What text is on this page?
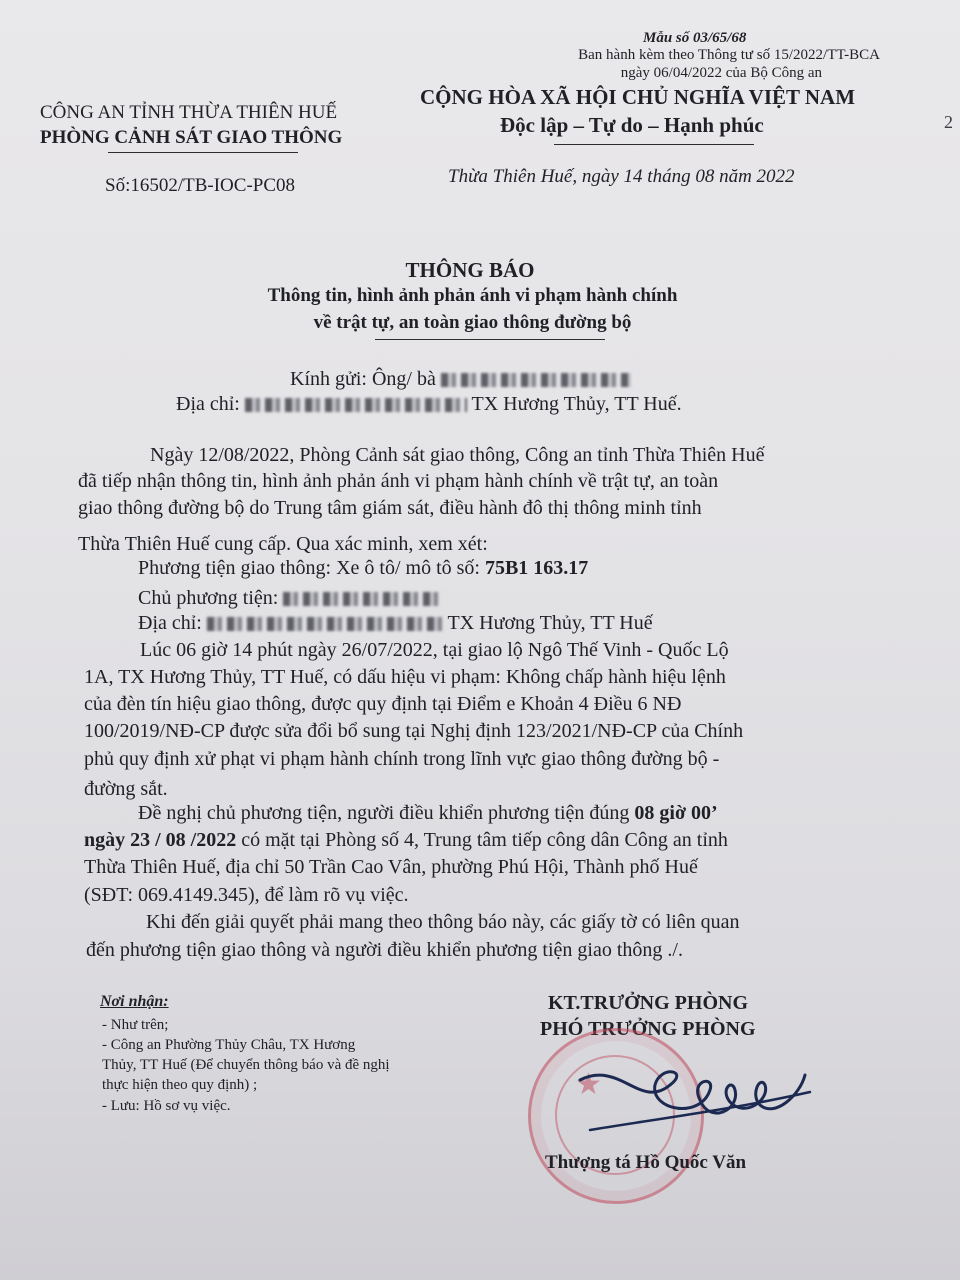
Mẫu số 03/65/68
Ban hành kèm theo Thông tư số 15/2022/TT-BCA
ngày 06/04/2022 của Bộ Công an
CÔNG AN TỈNH THỪA THIÊN HUẾ
PHÒNG CẢNH SÁT GIAO THÔNG
CỘNG HÒA XÃ HỘI CHỦ NGHĨA VIỆT NAM
Độc lập – Tự do – Hạnh phúc
Số:16502/TB-IOC-PC08	Thừa Thiên Huế, ngày 14 tháng 08 năm 2022
THÔNG BÁO
Thông tin, hình ảnh phản ánh vi phạm hành chính
về trật tự, an toàn giao thông đường bộ
Kính gửi: Ông/ bà
Địa chỉ:	TX Hương Thủy, TT Huế.
Ngày 12/08/2022, Phòng Cảnh sát giao thông, Công an tỉnh Thừa Thiên Huế
đã tiếp nhận thông tin, hình ảnh phản ánh vi phạm hành chính về trật tự, an toàn
giao thông đường bộ do Trung tâm giám sát, điều hành đô thị thông minh tỉnh
Thừa Thiên Huế cung cấp. Qua xác minh, xem xét:
Phương tiện giao thông: Xe ô tô/ mô tô số: 75B1 163.17
Chủ phương tiện:
Địa chỉ:	TX Hương Thủy, TT Huế
Lúc 06 giờ 14 phút ngày 26/07/2022, tại giao lộ Ngô Thế Vinh - Quốc Lộ
1A, TX Hương Thủy, TT Huế, có dấu hiệu vi phạm: Không chấp hành hiệu lệnh
của đèn tín hiệu giao thông, được quy định tại Điểm e Khoản 4 Điều 6 NĐ
100/2019/NĐ-CP được sửa đổi bổ sung tại Nghị định 123/2021/NĐ-CP của Chính
phủ quy định xử phạt vi phạm hành chính trong lĩnh vực giao thông đường bộ -
đường sắt.
Đề nghị chủ phương tiện, người điều khiển phương tiện đúng 08 giờ 00’
ngày 23 / 08 /2022 có mặt tại Phòng số 4, Trung tâm tiếp công dân Công an tỉnh
Thừa Thiên Huế, địa chỉ 50 Trần Cao Vân, phường Phú Hội, Thành phố Huế
(SĐT: 069.4149.345), để làm rõ vụ việc.
Khi đến giải quyết phải mang theo thông báo này, các giấy tờ có liên quan
đến phương tiện giao thông và người điều khiển phương tiện giao thông ./.
Nơi nhận:
- Như trên;
- Công an Phường Thủy Châu, TX Hương
Thủy, TT Huế (Để chuyển thông báo và đề nghị
thực hiện theo quy định) ;
- Lưu: Hồ sơ vụ việc.
KT.TRƯỞNG PHÒNG
PHÓ TRƯỞNG PHÒNG
★
Thượng tá Hồ Quốc Văn
2
